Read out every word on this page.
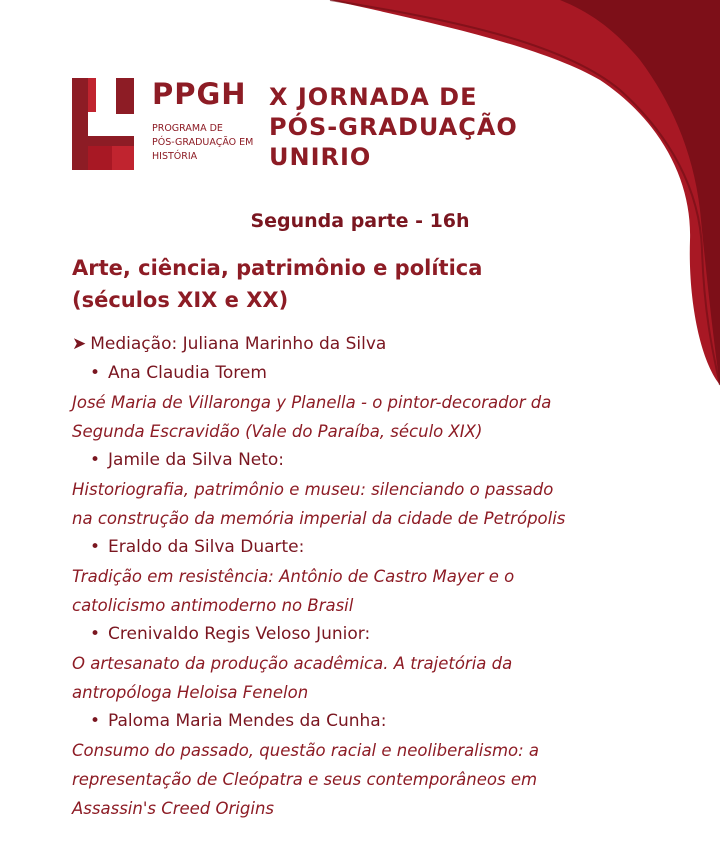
PPGH
PROGRAMA DE
PÓS-GRADUAÇÃO EM
HISTÓRIA
X JORNADA DE
PÓS-GRADUAÇÃO
UNIRIO
Segunda parte - 16h
Arte, ciência, patrimônio e política
(séculos XIX e XX)
➤ Mediação: Juliana Marinho da Silva
• Ana Claudia Torem
José Maria de Villaronga y Planella - o pintor-decorador da
Segunda Escravidão (Vale do Paraíba, século XIX)
• Jamile da Silva Neto:
Historiografia, patrimônio e museu: silenciando o passado
na construção da memória imperial da cidade de Petrópolis
• Eraldo da Silva Duarte:
Tradição em resistência: Antônio de Castro Mayer e o
catolicismo antimoderno no Brasil
• Crenivaldo Regis Veloso Junior:
O artesanato da produção acadêmica. A trajetória da
antropóloga Heloisa Fenelon
• Paloma Maria Mendes da Cunha:
Consumo do passado, questão racial e neoliberalismo: a
representação de Cleópatra e seus contemporâneos em
Assassin's Creed Origins
